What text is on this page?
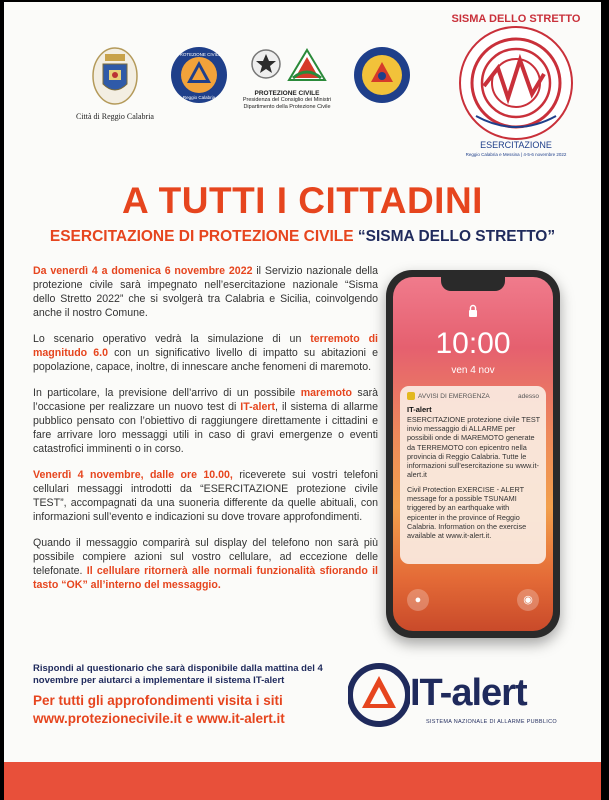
Città di Reggio Calabria
PROTEZIONE CIVILE
Reggio Calabria
PROTEZIONE CIVILE
Presidenza del Consiglio dei Ministri
Dipartimento della Protezione Civile
SISMA DELLO STRETTO
ESERCITAZIONE
Reggio Calabria e Messina | 4-5-6 novembre 2022
A TUTTI I CITTADINI
ESERCITAZIONE DI PROTEZIONE CIVILE “SISMA DELLO STRETTO”

Da venerdì 4 a domenica 6 novembre 2022 il Servizio nazionale della protezione civile sarà impegnato nell’esercitazione nazionale “Sisma dello Stretto 2022” che si svolgerà tra Calabria e Sicilia, coinvolgendo anche il nostro Comune.

Lo scenario operativo vedrà la simulazione di un terremoto di magnitudo 6.0 con un significativo livello di impatto su abitazioni e popolazione, capace, inoltre, di innescare anche fenomeni di maremoto.

In particolare, la previsione dell’arrivo di un possibile maremoto sarà l’occasione per realizzare un nuovo test di IT-alert, il sistema di allarme pubblico pensato con l’obiettivo di raggiungere direttamente i cittadini e fare arrivare loro messaggi utili in caso di gravi emergenze o eventi catastrofici imminenti o in corso.

Venerdì 4 novembre, dalle ore 10.00, riceverete sui vostri telefoni cellulari messaggi introdotti da “ESERCITAZIONE protezione civile TEST”, accompagnati da una suoneria differente da quelle abituali, con informazioni sull’evento e indicazioni su dove trovare approfondimenti.

Quando il messaggio comparirà sul display del telefono non sarà più possibile compiere azioni sul vostro cellulare, ad eccezione delle telefonate. Il cellulare ritornerà alle normali funzionalità sfiorando il tasto “OK” all’interno del messaggio.

Rispondi al questionario che sarà disponibile dalla mattina del 4 novembre per aiutarci a implementare il sistema IT-alert
Per tutti gli approfondimenti visita i siti
www.protezionecivile.it e www.it-alert.it
10:00
ven 4 nov
AVVISI DI EMERGENZA	adesso
IT-alert
ESERCITAZIONE protezione civile TEST invio messaggio di ALLARME per possibili onde di MAREMOTO generate da TERREMOTO con epicentro nella provincia di Reggio Calabria. Tutte le informazioni sull'esercitazione su www.it-alert.it
Civil Protection EXERCISE - ALERT message for a possible TSUNAMI triggered by an earthquake with epicenter in the province of Reggio Calabria. Information on the exercise available at www.it-alert.it.
●	◉
IT-alert
SISTEMA NAZIONALE DI ALLARME PUBBLICO
